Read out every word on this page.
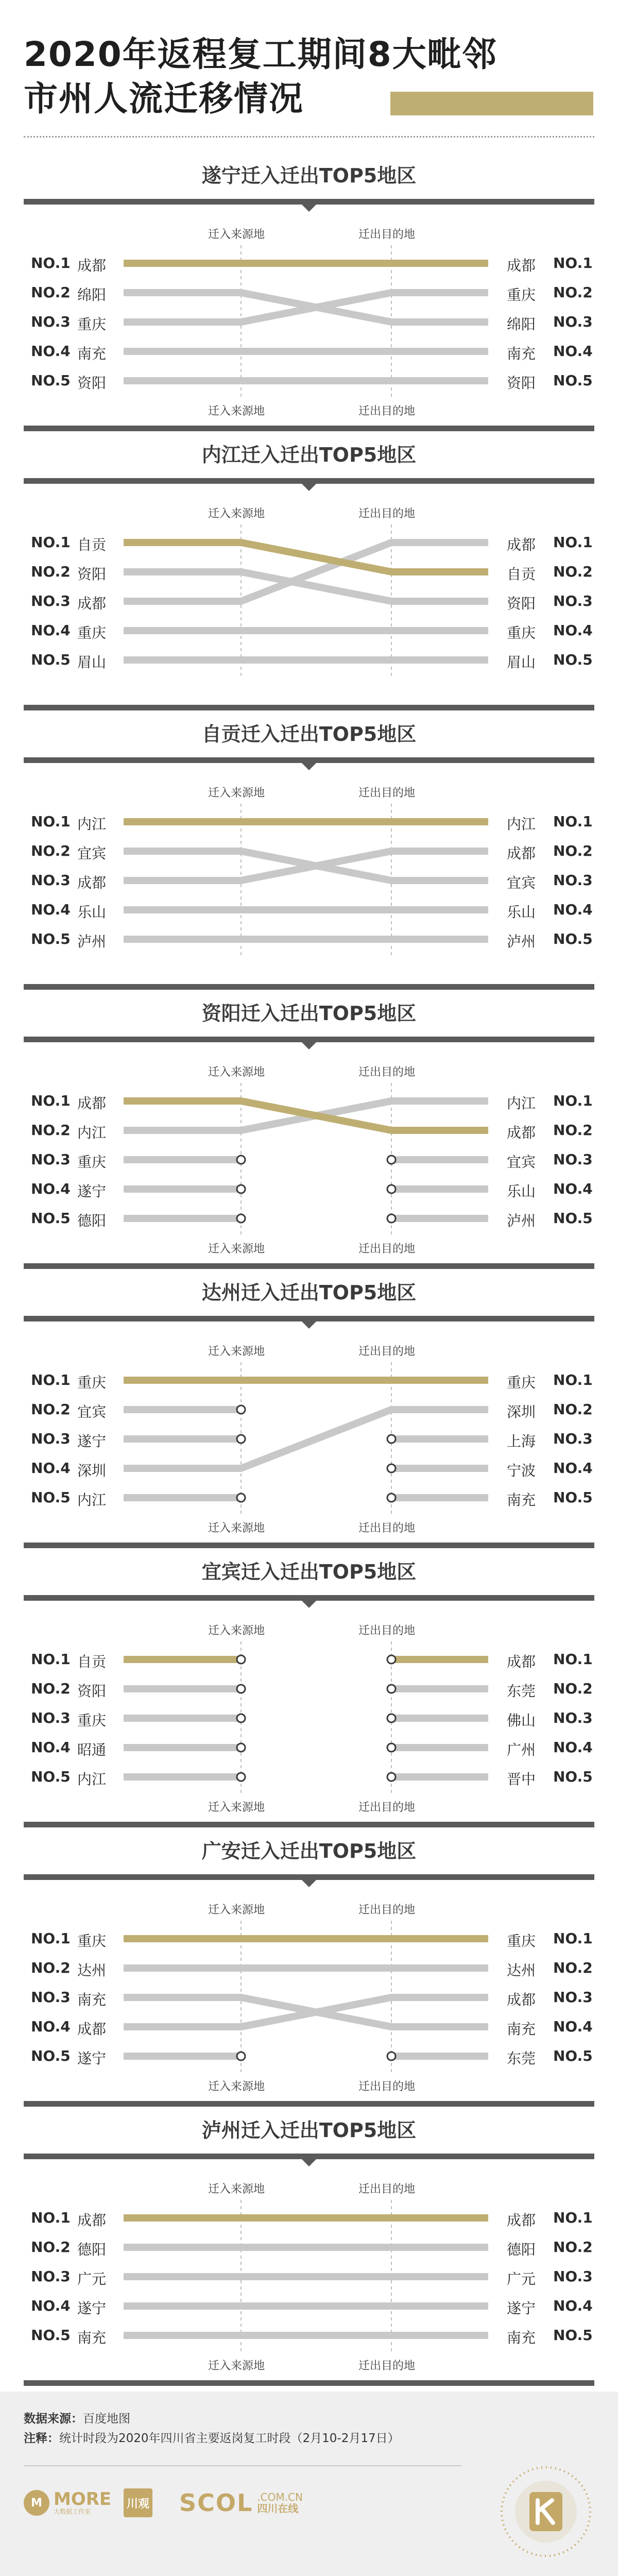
2020年返程复工期间8大毗邻
市州人流迁移情况
遂宁迁入迁出TOP5地区
迁入来源地	迁出目的地
迁入来源地	迁出目的地
NO.1 成都	成都 NO.1
NO.2 绵阳	重庆 NO.2
NO.3 重庆	绵阳 NO.3
NO.4 南充	南充 NO.4
NO.5 资阳	资阳 NO.5
内江迁入迁出TOP5地区
迁入来源地	迁出目的地
NO.1 自贡	成都 NO.1
NO.2 资阳	自贡 NO.2
NO.3 成都	资阳 NO.3
NO.4 重庆	重庆 NO.4
NO.5 眉山	眉山 NO.5
自贡迁入迁出TOP5地区
迁入来源地	迁出目的地
NO.1 内江	内江 NO.1
NO.2 宜宾	成都 NO.2
NO.3 成都	宜宾 NO.3
NO.4 乐山	乐山 NO.4
NO.5 泸州	泸州 NO.5
资阳迁入迁出TOP5地区
迁入来源地	迁出目的地
迁入来源地	迁出目的地
NO.1 成都	内江 NO.1
NO.2 内江	成都 NO.2
NO.3 重庆	宜宾 NO.3
NO.4 遂宁	乐山 NO.4
NO.5 德阳	泸州 NO.5
达州迁入迁出TOP5地区
迁入来源地	迁出目的地
迁入来源地	迁出目的地
NO.1 重庆	重庆 NO.1
NO.2 宜宾	深圳 NO.2
NO.3 遂宁	上海 NO.3
NO.4 深圳	宁波 NO.4
NO.5 内江	南充 NO.5
宜宾迁入迁出TOP5地区
迁入来源地	迁出目的地
迁入来源地	迁出目的地
NO.1 自贡	成都 NO.1
NO.2 资阳	东莞 NO.2
NO.3 重庆	佛山 NO.3
NO.4 昭通	广州 NO.4
NO.5 内江	晋中 NO.5
广安迁入迁出TOP5地区
迁入来源地	迁出目的地
迁入来源地	迁出目的地
NO.1 重庆	重庆 NO.1
NO.2 达州	达州 NO.2
NO.3 南充	成都 NO.3
NO.4 成都	南充 NO.4
NO.5 遂宁	东莞 NO.5
泸州迁入迁出TOP5地区
迁入来源地	迁出目的地
迁入来源地	迁出目的地
NO.1 成都	成都 NO.1
NO.2 德阳	德阳 NO.2
NO.3 广元	广元 NO.3
NO.4 遂宁	遂宁 NO.4
NO.5 南充	南充 NO.5
数据来源：百度地图
注释：统计时段为2020年四川省主要返岗复工时段（2月10-2月17日）
M MORE
大数据工作室
川观 SCOL .COM.CN
四川在线
